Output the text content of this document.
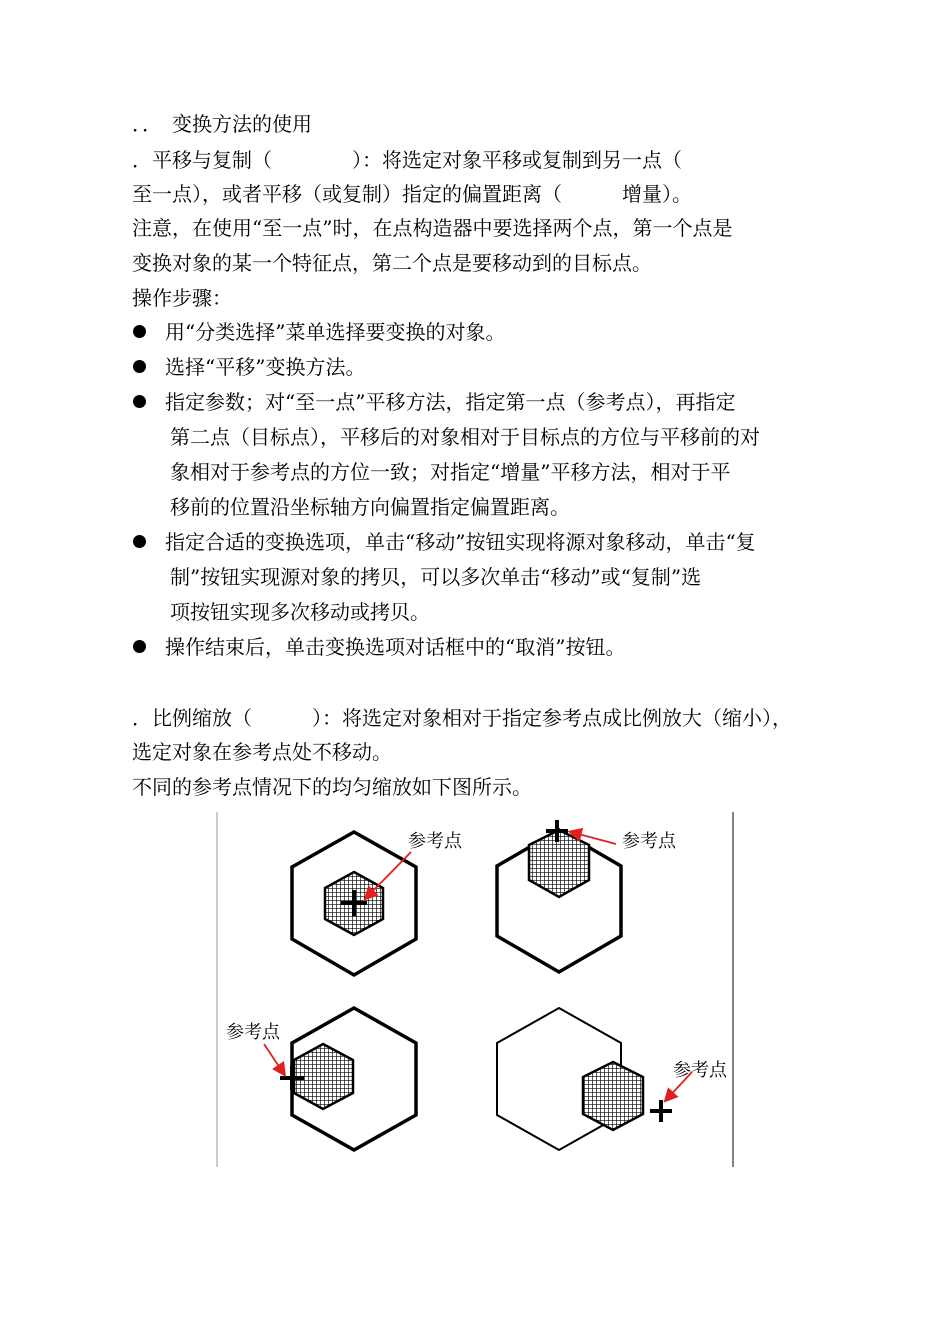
．．　变换方法的使用
．平移与复制（　　　　）：将选定对象平移或复制到另一点（
至一点），或者平移（或复制）指定的偏置距离（　　　增量）。
注意，在使用“至一点”时，在点构造器中要选择两个点，第一个点是
变换对象的某一个特征点，第二个点是要移动到的目标点。
操作步骤：
用“分类选择”菜单选择要变换的对象。
选择“平移”变换方法。
指定参数；对“至一点”平移方法，指定第一点（参考点），再指定
第二点（目标点），平移后的对象相对于目标点的方位与平移前的对
象相对于参考点的方位一致；对指定“增量”平移方法，相对于平
移前的位置沿坐标轴方向偏置指定偏置距离。
指定合适的变换选项，单击“移动”按钮实现将源对象移动，单击“复
制”按钮实现源对象的拷贝，可以多次单击“移动”或“复制”选
项按钮实现多次移动或拷贝。
操作结束后，单击变换选项对话框中的“取消”按钮。
．比例缩放（　　　）：将选定对象相对于指定参考点成比例放大（缩小），
选定对象在参考点处不移动。
不同的参考点情况下的均匀缩放如下图所示。
参考点	参考点
参考点
参考点
